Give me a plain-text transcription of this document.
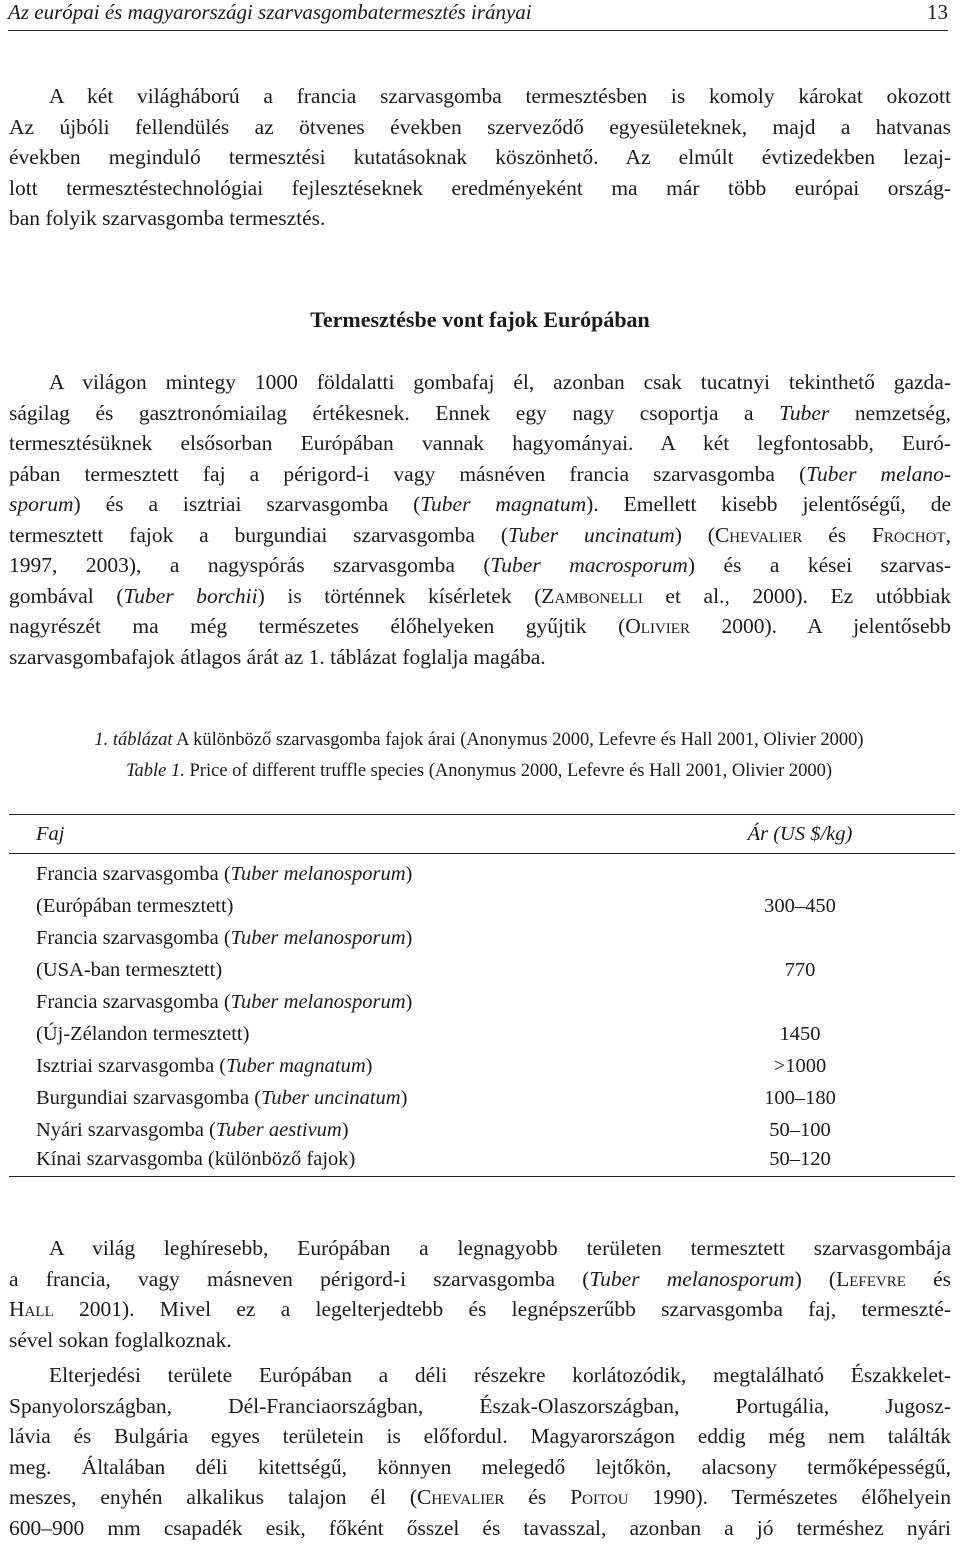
Az európai és magyarországi szarvasgombatermesztés irányai	13
A két világháború a francia szarvasgomba termesztésben is komoly károkat okozott
Az újbóli fellendülés az ötvenes években szerveződő egyesületeknek, majd a hatvanas
években meginduló termesztési kutatásoknak köszönhető. Az elmúlt évtizedekben lezaj-
lott termesztéstechnológiai fejlesztéseknek eredményeként ma már több európai ország-
ban folyik szarvasgomba termesztés.
Termesztésbe vont fajok Európában
A világon mintegy 1000 földalatti gombafaj él, azonban csak tucatnyi tekinthető gazda-
ságilag és gasztronómiailag értékesnek. Ennek egy nagy csoportja a Tuber nemzetség,
termesztésüknek elsősorban Európában vannak hagyományai. A két legfontosabb, Euró-
pában termesztett faj a périgord-i vagy másnéven francia szarvasgomba (Tuber melano-
sporum) és a isztriai szarvasgomba (Tuber magnatum). Emellett kisebb jelentőségű, de
termesztett fajok a burgundiai szarvasgomba (Tuber uncinatum) (Chevalier és Frochot,
1997, 2003), a nagyspórás szarvasgomba (Tuber macrosporum) és a kései szarvas-
gombával (Tuber borchii) is történnek kísérletek (Zambonelli et al., 2000). Ez utóbbiak
nagyrészét ma még természetes élőhelyeken gyűjtik (Olivier 2000). A jelentősebb
szarvasgombafajok átlagos árát az 1. táblázat foglalja magába.
1. táblázat A különböző szarvasgomba fajok árai (Anonymus 2000, Lefevre és Hall 2001, Olivier 2000)
Table 1. Price of different truffle species (Anonymus 2000, Lefevre és Hall 2001, Olivier 2000)
Faj	Ár (US $/kg)
Francia szarvasgomba (Tuber melanosporum)	
(Európában termesztett)	300–450
Francia szarvasgomba (Tuber melanosporum)	
(USA-ban termesztett)	770
Francia szarvasgomba (Tuber melanosporum)	
(Új-Zélandon termesztett)	1450
Isztriai szarvasgomba (Tuber magnatum)	>1000
Burgundiai szarvasgomba (Tuber uncinatum)	100–180
Nyári szarvasgomba (Tuber aestivum)	50–100
Kínai szarvasgomba (különböző fajok)	50–120
A világ leghíresebb, Európában a legnagyobb területen termesztett szarvasgombája
a francia, vagy másneven périgord-i szarvasgomba (Tuber melanosporum) (Lefevre és
Hall 2001). Mivel ez a legelterjedtebb és legnépszerűbb szarvasgomba faj, termeszté-
sével sokan foglalkoznak.
Elterjedési területe Európában a déli részekre korlátozódik, megtalálható Északkelet-
Spanyolországban, Dél-Franciaországban, Észak-Olaszországban, Portugália, Jugosz-
lávia és Bulgária egyes területein is előfordul. Magyarországon eddig még nem találták
meg. Általában déli kitettségű, könnyen melegedő lejtőkön, alacsony termőképességű,
meszes, enyhén alkalikus talajon él (Chevalier és Poitou 1990). Természetes élőhelyein
600–900 mm csapadék esik, főként ősszel és tavasszal, azonban a jó terméshez nyári
